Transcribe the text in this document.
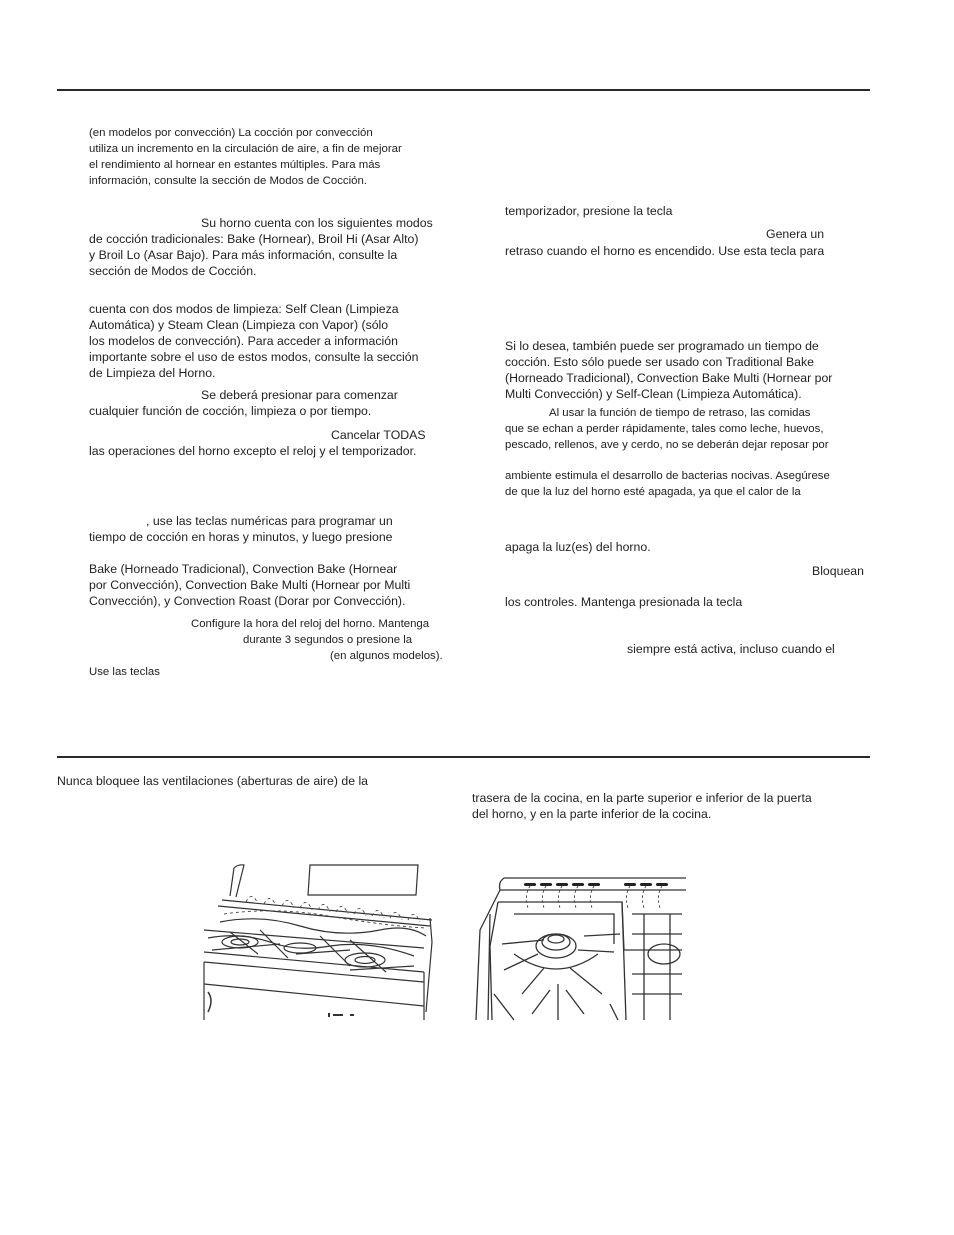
(en modelos por convección) La cocción por convección
utiliza un incremento en la circulación de aire, a fin de mejorar
el rendimiento al hornear en estantes múltiples. Para más
información, consulte la sección de Modos de Cocción.
Su horno cuenta con los siguientes modos
de cocción tradicionales: Bake (Hornear), Broil Hi (Asar Alto)
y Broil Lo (Asar Bajo). Para más información, consulte la
sección de Modos de Cocción.
cuenta con dos modos de limpieza: Self Clean (Limpieza
Automática) y Steam Clean (Limpieza con Vapor) (sólo
los modelos de convección). Para acceder a información
importante sobre el uso de estos modos, consulte la sección
de Limpieza del Horno.
Se deberá presionar para comenzar
cualquier función de cocción, limpieza o por tiempo.
Cancelar TODAS
las operaciones del horno excepto el reloj y el temporizador.
, use las teclas numéricas para programar un
tiempo de cocción en horas y minutos, y luego presione
Bake (Horneado Tradicional), Convection Bake (Hornear
por Convección), Convection Bake Multi (Hornear por Multi
Convección), y Convection Roast (Dorar por Convección).
Configure la hora del reloj del horno. Mantenga
durante 3 segundos o presione la
(en algunos modelos).
Use las teclas
temporizador, presione la tecla
Genera un
retraso cuando el horno es encendido. Use esta tecla para
Si lo desea, también puede ser programado un tiempo de
cocción. Esto sólo puede ser usado con Traditional Bake
(Horneado Tradicional), Convection Bake Multi (Hornear por
Multi Convección) y Self-Clean (Limpieza Automática).
Al usar la función de tiempo de retraso, las comidas
que se echan a perder rápidamente, tales como leche, huevos,
pescado, rellenos, ave y cerdo, no se deberán dejar reposar por
ambiente estimula el desarrollo de bacterias nocivas. Asegúrese
de que la luz del horno esté apagada, ya que el calor de la
apaga la luz(es) del horno.
Bloquean
los controles. Mantenga presionada la tecla
siempre está activa, incluso cuando el
Nunca bloquee las ventilaciones (aberturas de aire) de la
trasera de la cocina, en la parte superior e inferior de la puerta
del horno, y en la parte inferior de la cocina.
